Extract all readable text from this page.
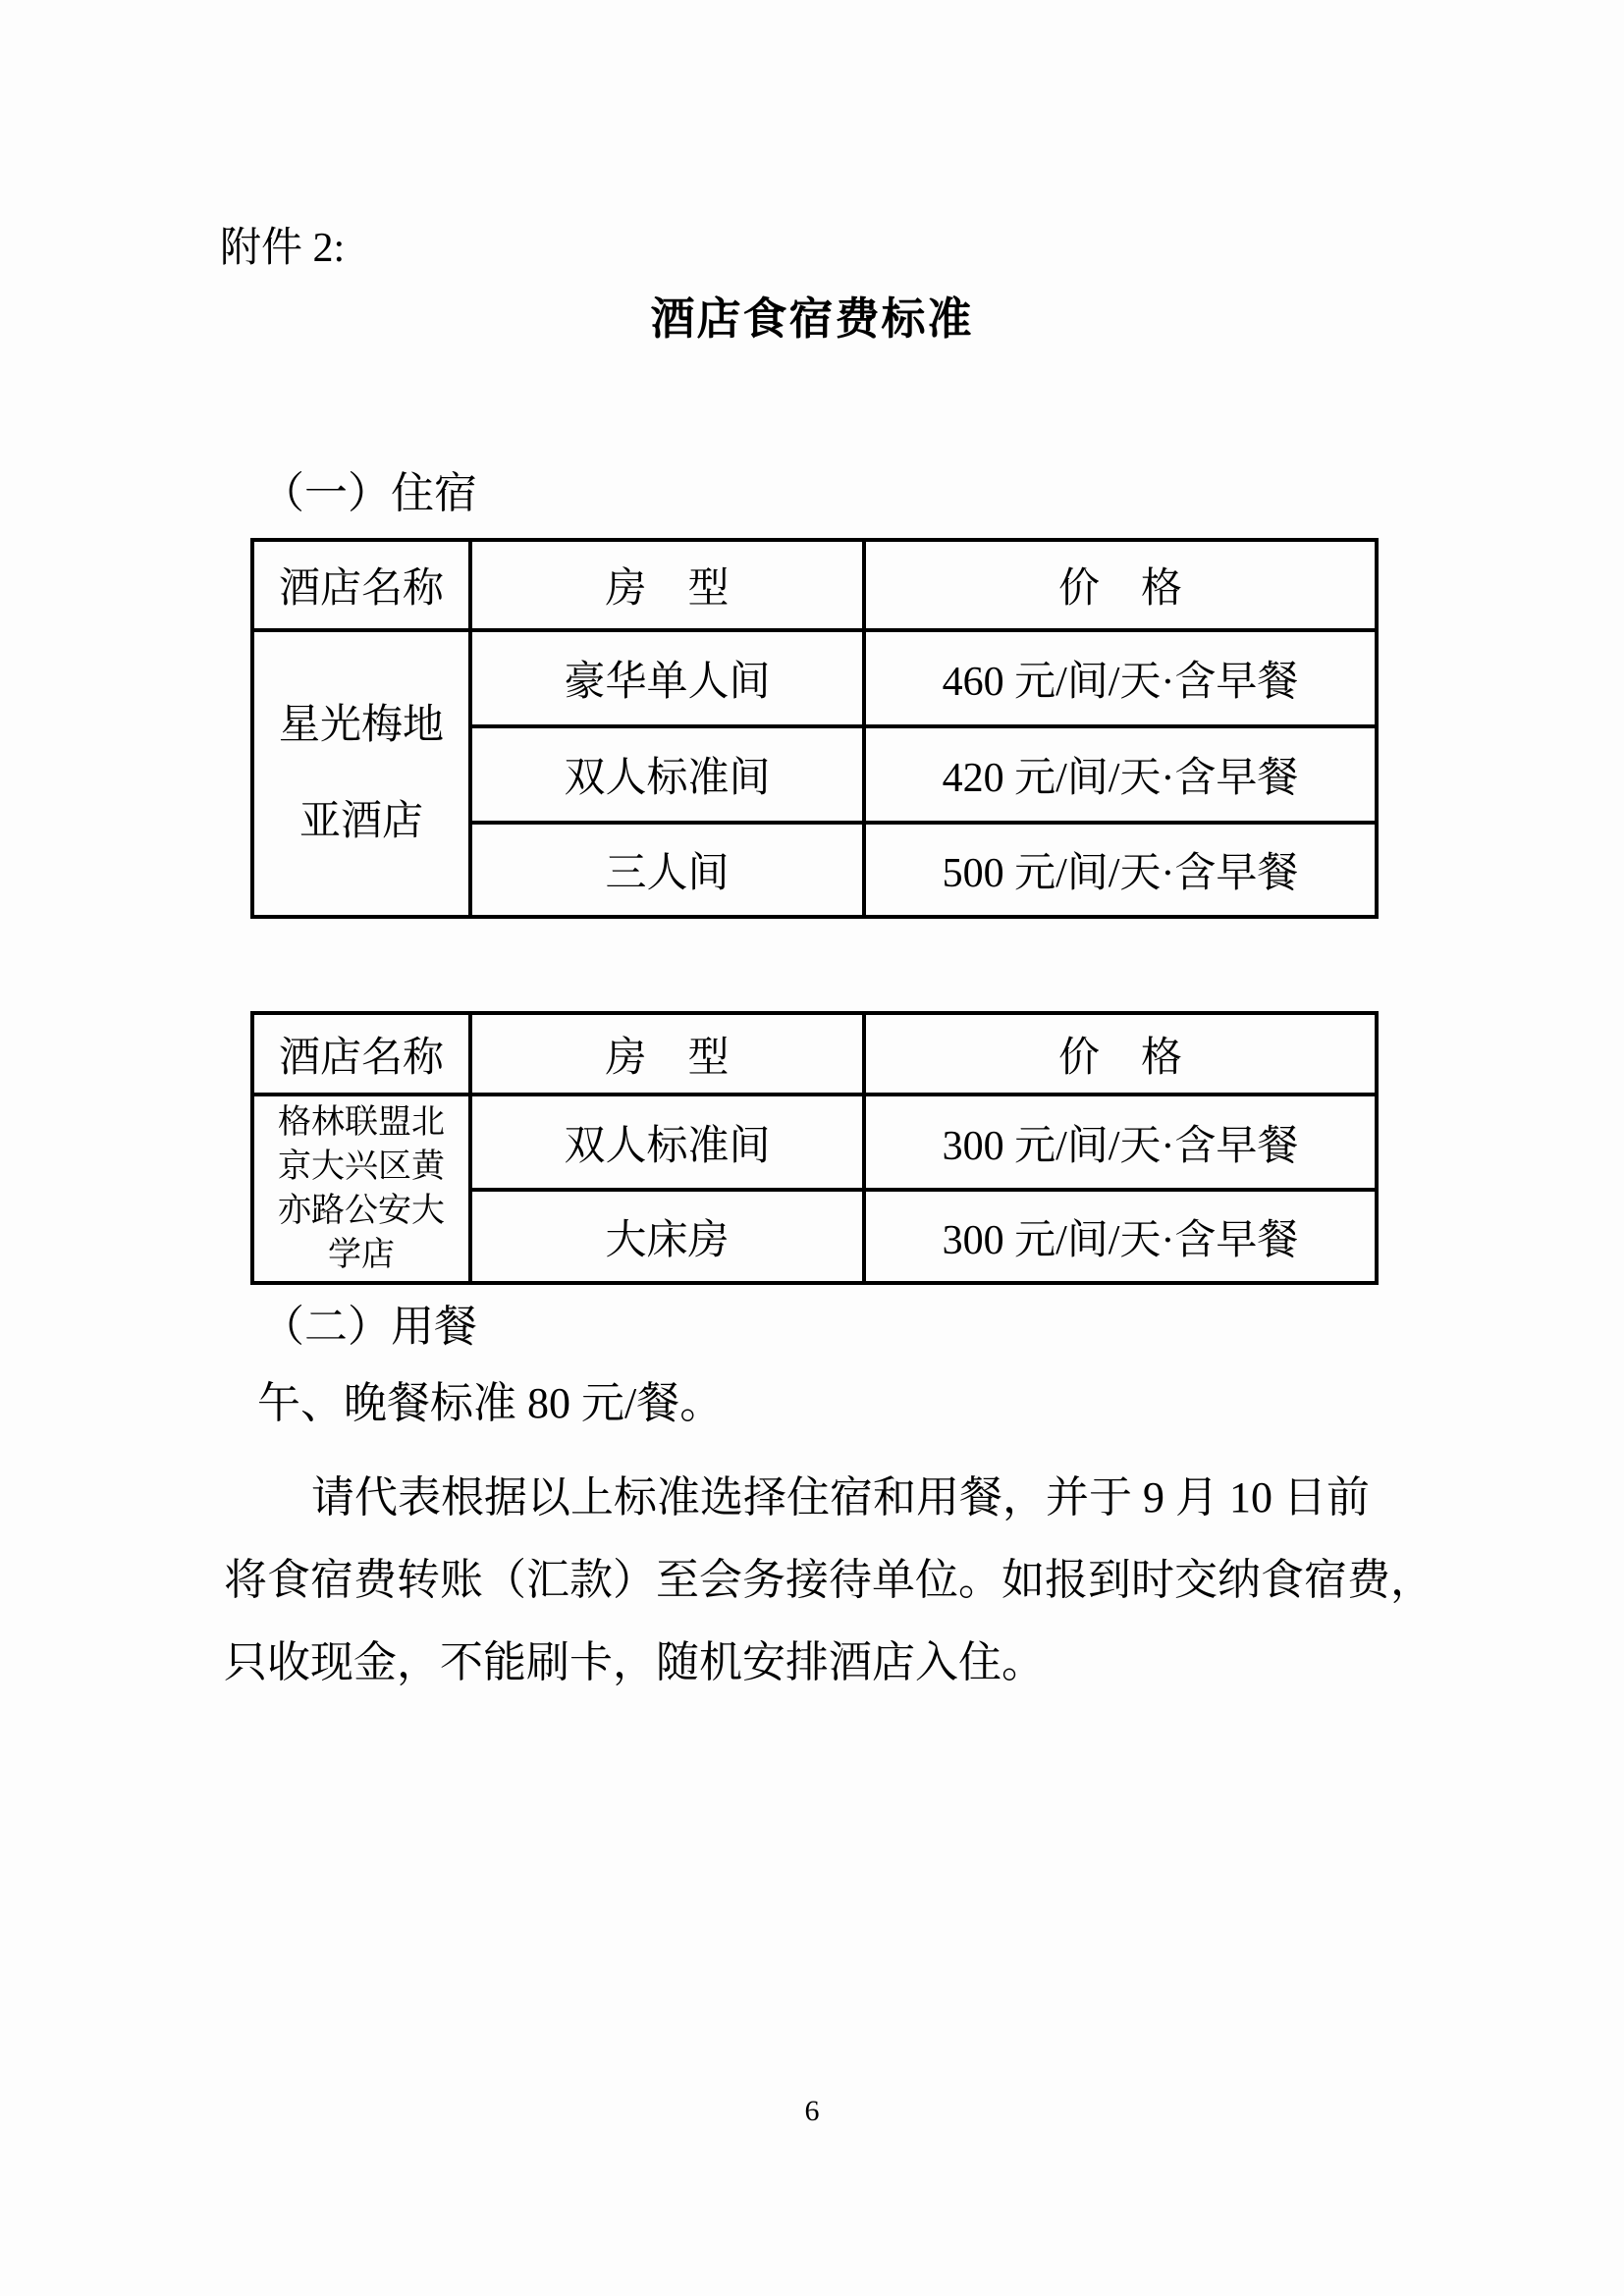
附件 2:
酒店食宿费标准
（一）住宿
酒店名称	房　型	价　格

星光梅地
亚酒店	豪华单人间	460 元/间/天·含早餐
	双人标准间	420 元/间/天·含早餐
	三人间	500 元/间/天·含早餐
酒店名称	房　型	价　格

格林联盟北
京大兴区黄
亦路公安大
学店	双人标准间	300 元/间/天·含早餐
	大床房	300 元/间/天·含早餐
（二）用餐
午、晚餐标准 80 元/餐。
请代表根据以上标准选择住宿和用餐，并于 9 月 10 日前
将食宿费转账（汇款）至会务接待单位。如报到时交纳食宿费，
只收现金，不能刷卡，随机安排酒店入住。
6
